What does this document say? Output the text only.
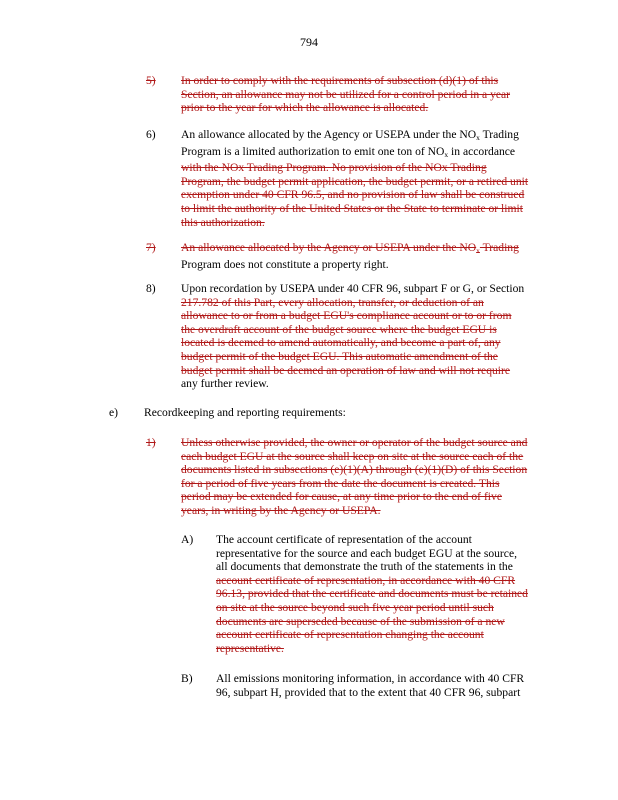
794
5) In order to comply with the requirements of subsection (d)(1) of this
Section, an allowance may not be utilized for a control period in a year
prior to the year for which the allowance is allocated.
6) An allowance allocated by the Agency or USEPA under the $NO_x$ Trading
Program is a limited authorization to emit one ton of $NO_x$ in accordance
with the NOx Trading Program. No provision of the NOx Trading
Program, the budget permit application, the budget permit, or a retired unit
exemption under 40 CFR 96.5, and no provision of law shall be construed
to limit the authority of the United States or the State to terminate or limit
this authorization.
7) An allowance allocated by the Agency or USEPA under the $NO_x$ Trading
Program does not constitute a property right.
8) Upon recordation by USEPA under 40 CFR 96, subpart F or G, or Section
217.782 of this Part, every allocation, transfer, or deduction of an
allowance to or from a budget EGU's compliance account or to or from
the overdraft account of the budget source where the budget EGU is
located is deemed to amend automatically, and become a part of, any
budget permit of the budget EGU. This automatic amendment of the
budget permit shall be deemed an operation of law and will not require
any further review.
e) Recordkeeping and reporting requirements:
1) Unless otherwise provided, the owner or operator of the budget source and
each budget EGU at the source shall keep on site at the source each of the
documents listed in subsections (e)(1)(A) through (e)(1)(D) of this Section
for a period of five years from the date the document is created. This
period may be extended for cause, at any time prior to the end of five
years, in writing by the Agency or USEPA.
A) The account certificate of representation of the account
representative for the source and each budget EGU at the source,
all documents that demonstrate the truth of the statements in the
account certificate of representation, in accordance with 40 CFR
96.13, provided that the certificate and documents must be retained
on site at the source beyond such five year period until such
documents are superseded because of the submission of a new
account certificate of representation changing the account
representative.
B) All emissions monitoring information, in accordance with 40 CFR
96, subpart H, provided that to the extent that 40 CFR 96, subpart
